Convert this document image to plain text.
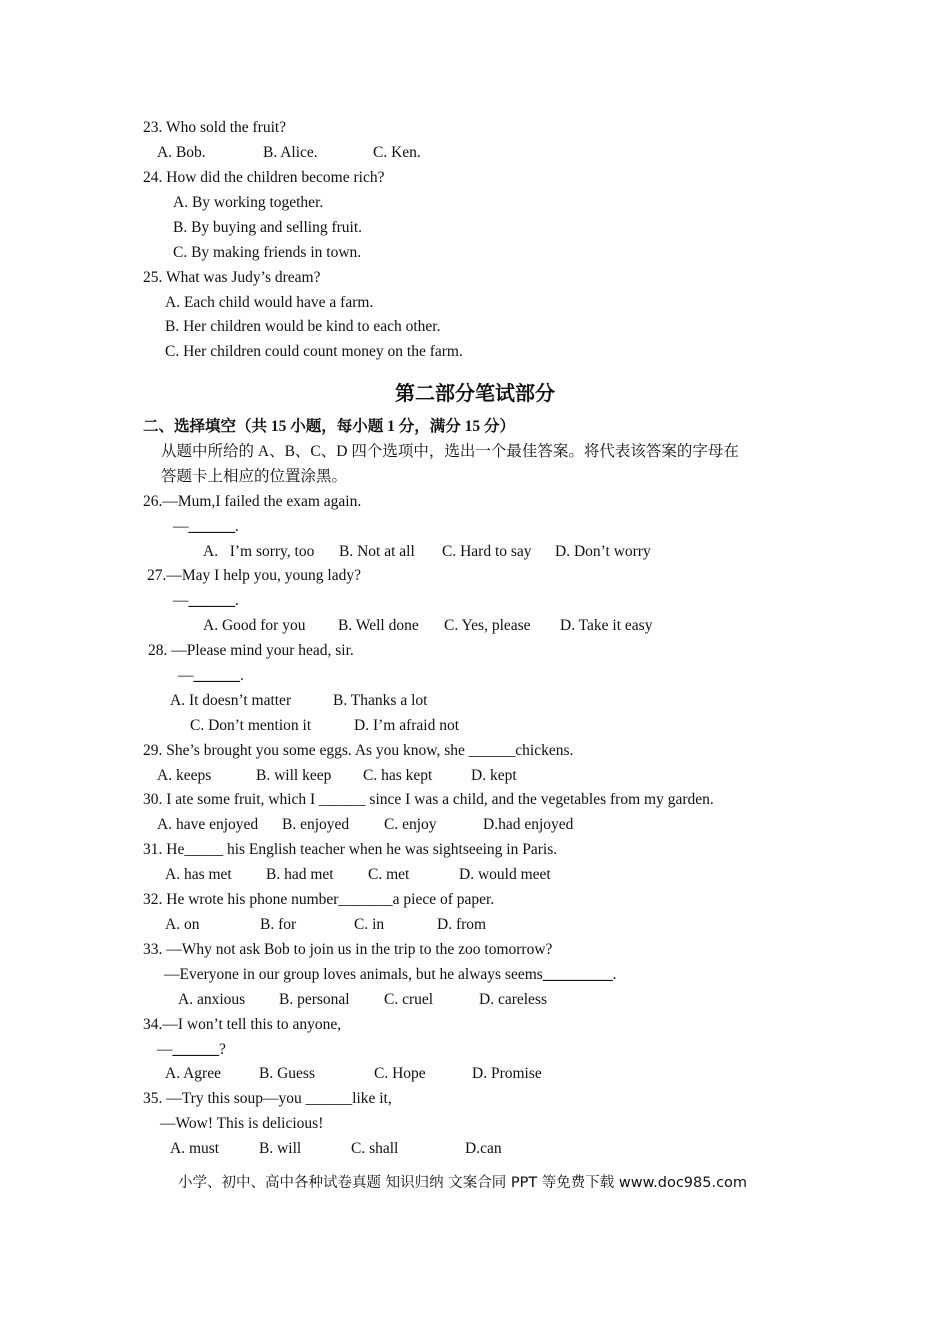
23. Who sold the fruit?
A. Bob.	B. Alice.	C. Ken.
24. How did the children become rich?
A. By working together.
B. By buying and selling fruit.
C. By making friends in town.
25. What was Judy’s dream?
A. Each child would have a farm.
B. Her children would be kind to each other.
C. Her children could count money on the farm.
第二部分笔试部分
二、选择填空（共 15 小题，每小题 1 分，满分 15 分）
从题中所给的 A、B、C、D 四个选项中，选出一个最佳答案。将代表该答案的字母在
答题卡上相应的位置涂黑。
26.—Mum,I failed the exam again.
—______.
A.   I’m sorry, too B. Not at all C. Hard to say D. Don’t worry
27.—May I help you, young lady?
—______.
A. Good for you B. Well done C. Yes, please D. Take it easy
28. —Please mind your head, sir.
—______.
A. It doesn’t matter	B. Thanks a lot
C. Don’t mention it	D. I’m afraid not
29. She’s brought you some eggs. As you know, she ______chickens.
A. keeps	B. will keep C. has kept D. kept
30. I ate some fruit, which I ______ since I was a child, and the vegetables from my garden.
A. have enjoyed B. enjoyed C. enjoy	D.had enjoyed
31. He_____ his English teacher when he was sightseeing in Paris.
A. has met B. had met C. met	D. would meet
32. He wrote his phone number_______a piece of paper.
A. on	B. for	C. in	D. from
33. —Why not ask Bob to join us in the trip to the zoo tomorrow?
—Everyone in our group loves animals, but he always seems_________.
A. anxious B. personal C. cruel	D. careless
34.—I won’t tell this to anyone,
—______?
A. Agree B. Guess	C. Hope	D. Promise
35. —Try this soup—you ______like it,
—Wow! This is delicious!
A. must	B. will	C. shall	D.can
小学、初中、高中各种试卷真题 知识归纳 文案合同 PPT 等免费下载 www.doc985.com
